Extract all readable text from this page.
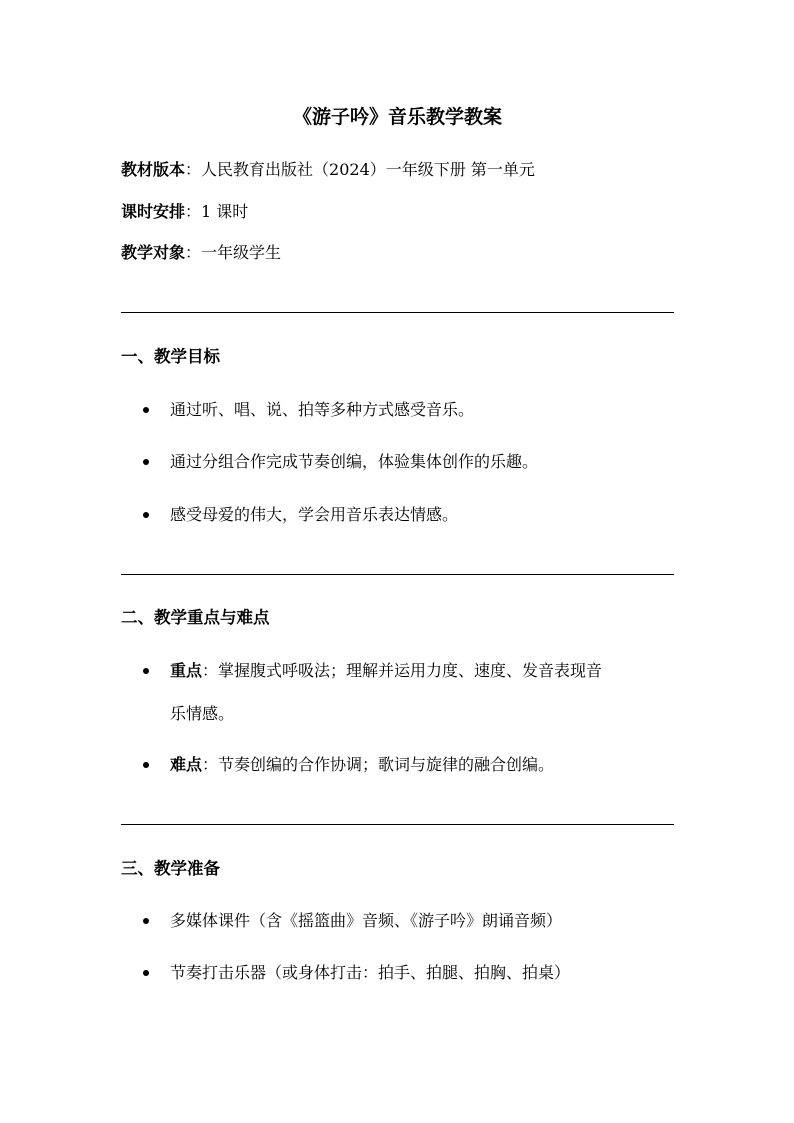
《游子吟》音乐教学教案
教材版本：人民教育出版社（2024）一年级下册 第一单元
课时安排：1 课时
教学对象：一年级学生
一、教学目标
通过听、唱、说、拍等多种方式感受音乐。
通过分组合作完成节奏创编，体验集体创作的乐趣。
感受母爱的伟大，学会用音乐表达情感。
二、教学重点与难点
重点：掌握腹式呼吸法；理解并运用力度、速度、发音表现音
乐情感。
难点：节奏创编的合作协调；歌词与旋律的融合创编。
三、教学准备
多媒体课件（含《摇篮曲》音频、《游子吟》朗诵音频）
节奏打击乐器（或身体打击：拍手、拍腿、拍胸、拍桌）
